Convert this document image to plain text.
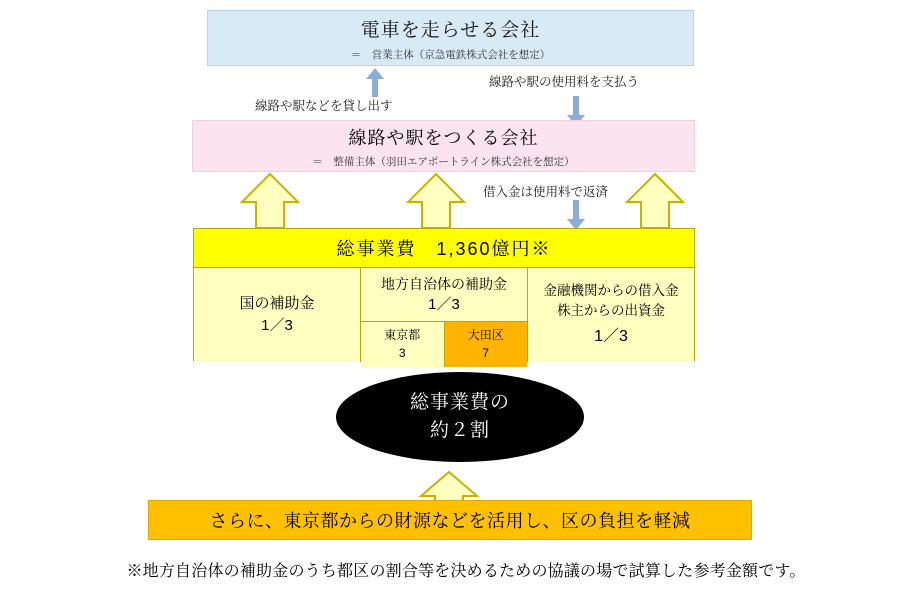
電車を走らせる会社
＝　営業主体（京急電鉄株式会社を想定）
線路や駅などを貸し出す
線路や駅の使用料を支払う
線路や駅をつくる会社
＝　整備主体（羽田エアポートライン株式会社を想定）
借入金は使用料で返済
総事業費　1,360億円※
国の補助金
1／3
地方自治体の補助金
1／3
東京都
3
大田区
7
金融機関からの借入金
株主からの出資金
1／3
総事業費の
約２割
さらに、東京都からの財源などを活用し、区の負担を軽減
※地方自治体の補助金のうち都区の割合等を決めるための協議の場で試算した参考金額です。
